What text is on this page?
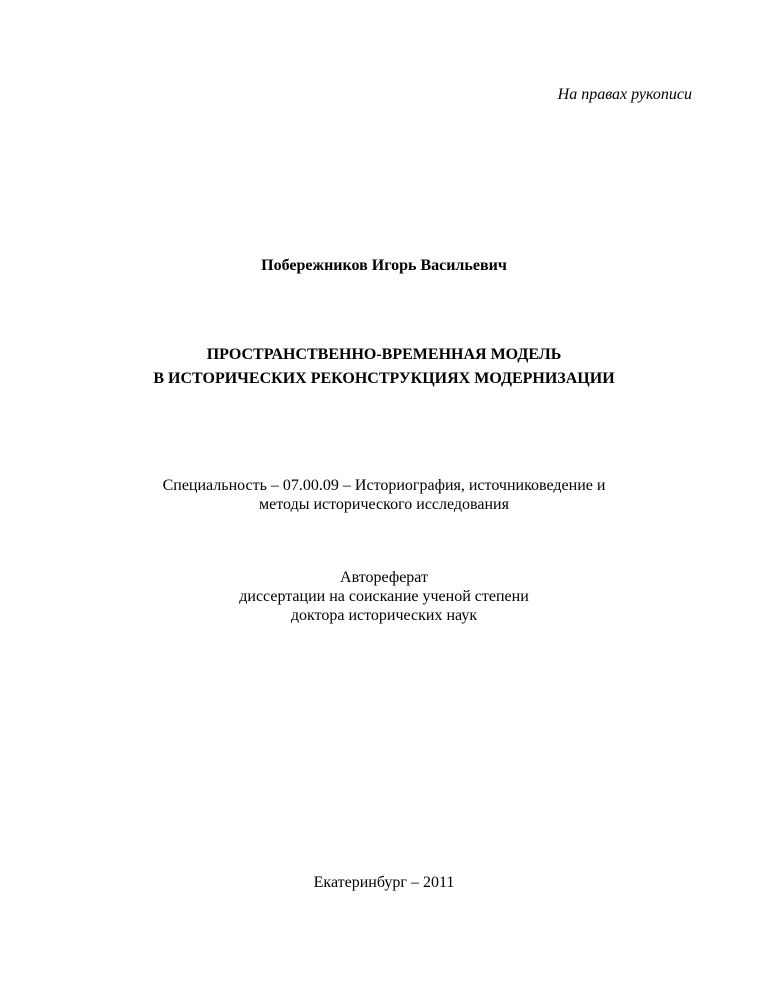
На правах рукописи

Побережников Игорь Васильевич

ПРОСТРАНСТВЕННО-ВРЕМЕННАЯ МОДЕЛЬ
В ИСТОРИЧЕСКИХ РЕКОНСТРУКЦИЯХ МОДЕРНИЗАЦИИ
Специальность – 07.00.09 – Историография, источниковедение и
методы исторического исследования
Автореферат
диссертации на соискание ученой степени
доктора исторических наук

Екатеринбург – 2011
